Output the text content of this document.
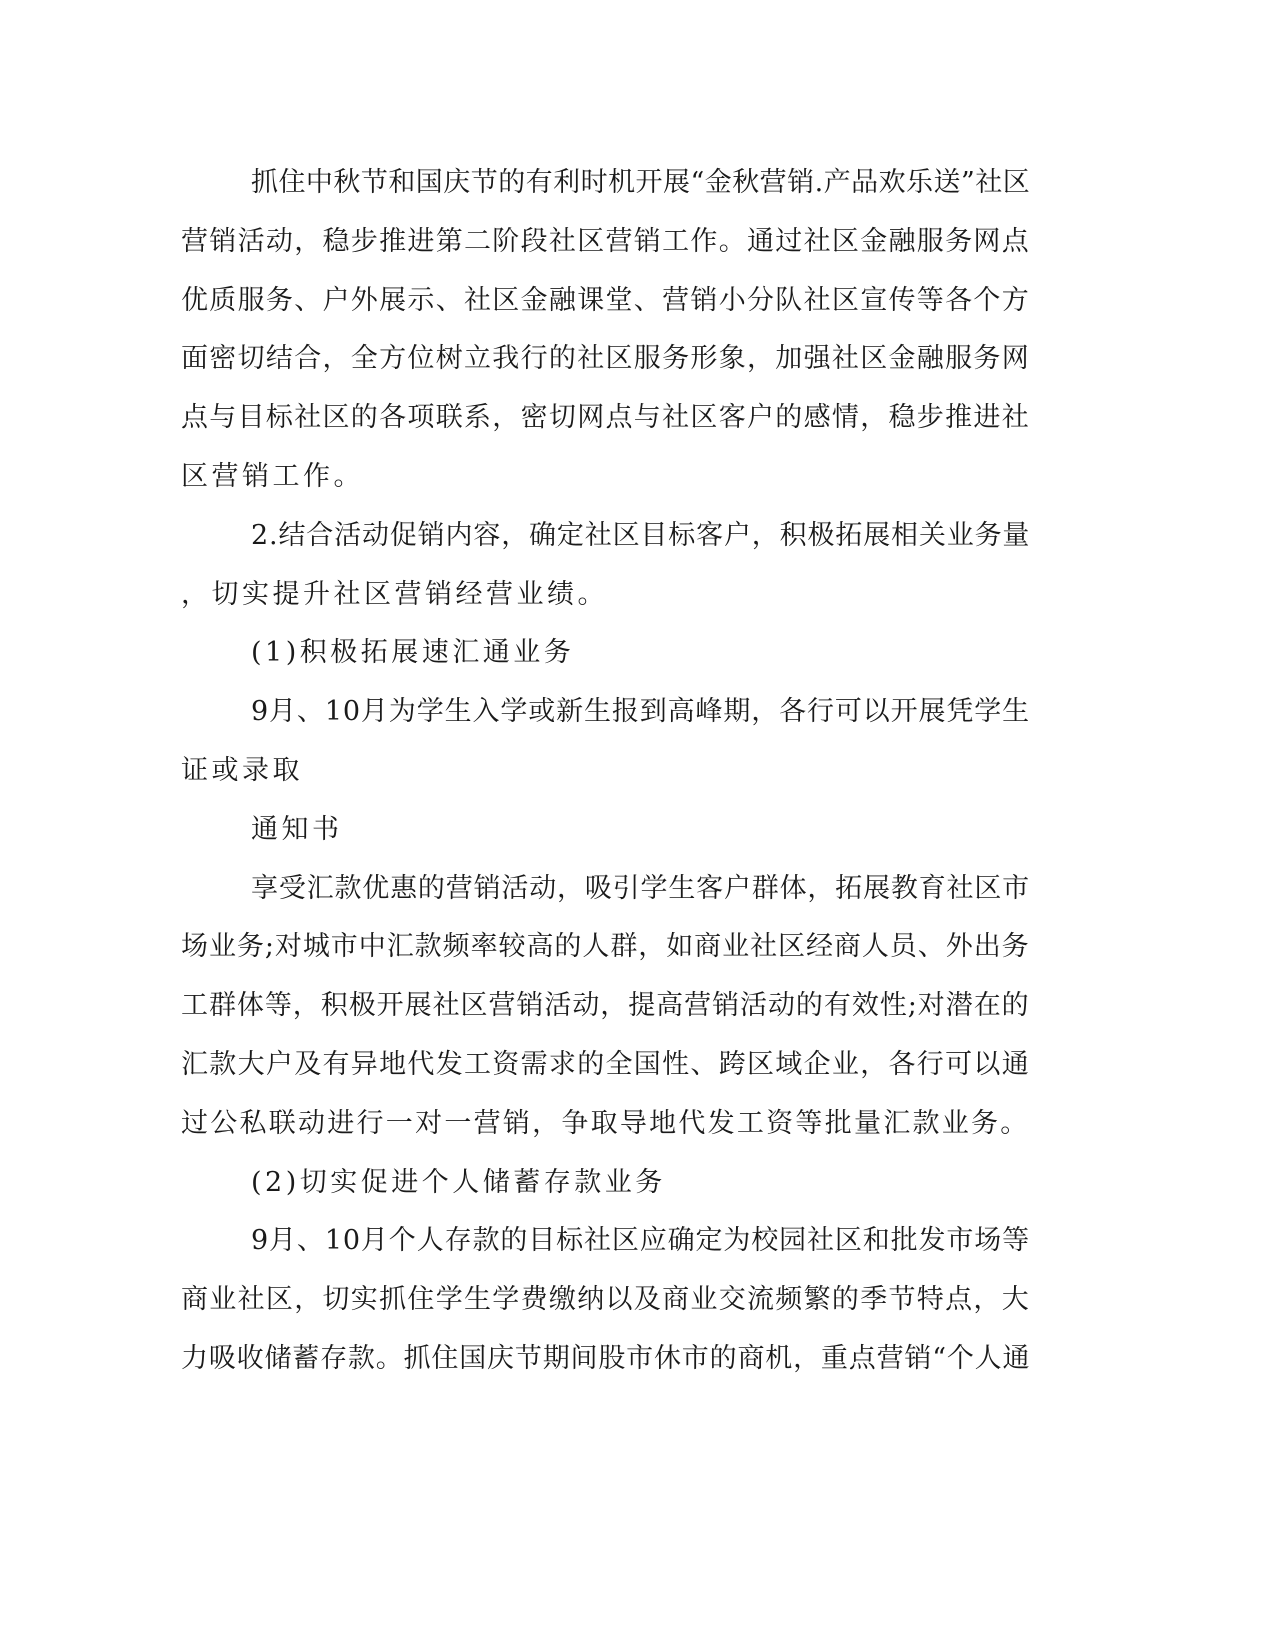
抓住中秋节和国庆节的有利时机开展“金秋营销.产品欢乐送”社区
营销活动，稳步推进第二阶段社区营销工作。通过社区金融服务网点
优质服务、户外展示、社区金融课堂、营销小分队社区宣传等各个方
面密切结合，全方位树立我行的社区服务形象，加强社区金融服务网
点与目标社区的各项联系，密切网点与社区客户的感情，稳步推进社
区营销工作。
2.结合活动促销内容，确定社区目标客户，积极拓展相关业务量
，切实提升社区营销经营业绩。
(1)积极拓展速汇通业务
9月、10月为学生入学或新生报到高峰期，各行可以开展凭学生
证或录取
通知书
享受汇款优惠的营销活动，吸引学生客户群体，拓展教育社区市
场业务;对城市中汇款频率较高的人群，如商业社区经商人员、外出务
工群体等，积极开展社区营销活动，提高营销活动的有效性;对潜在的
汇款大户及有异地代发工资需求的全国性、跨区域企业，各行可以通
过公私联动进行一对一营销，争取导地代发工资等批量汇款业务。
(2)切实促进个人储蓄存款业务
9月、10月个人存款的目标社区应确定为校园社区和批发市场等
商业社区，切实抓住学生学费缴纳以及商业交流频繁的季节特点，大
力吸收储蓄存款。抓住国庆节期间股市休市的商机，重点营销“个人通
